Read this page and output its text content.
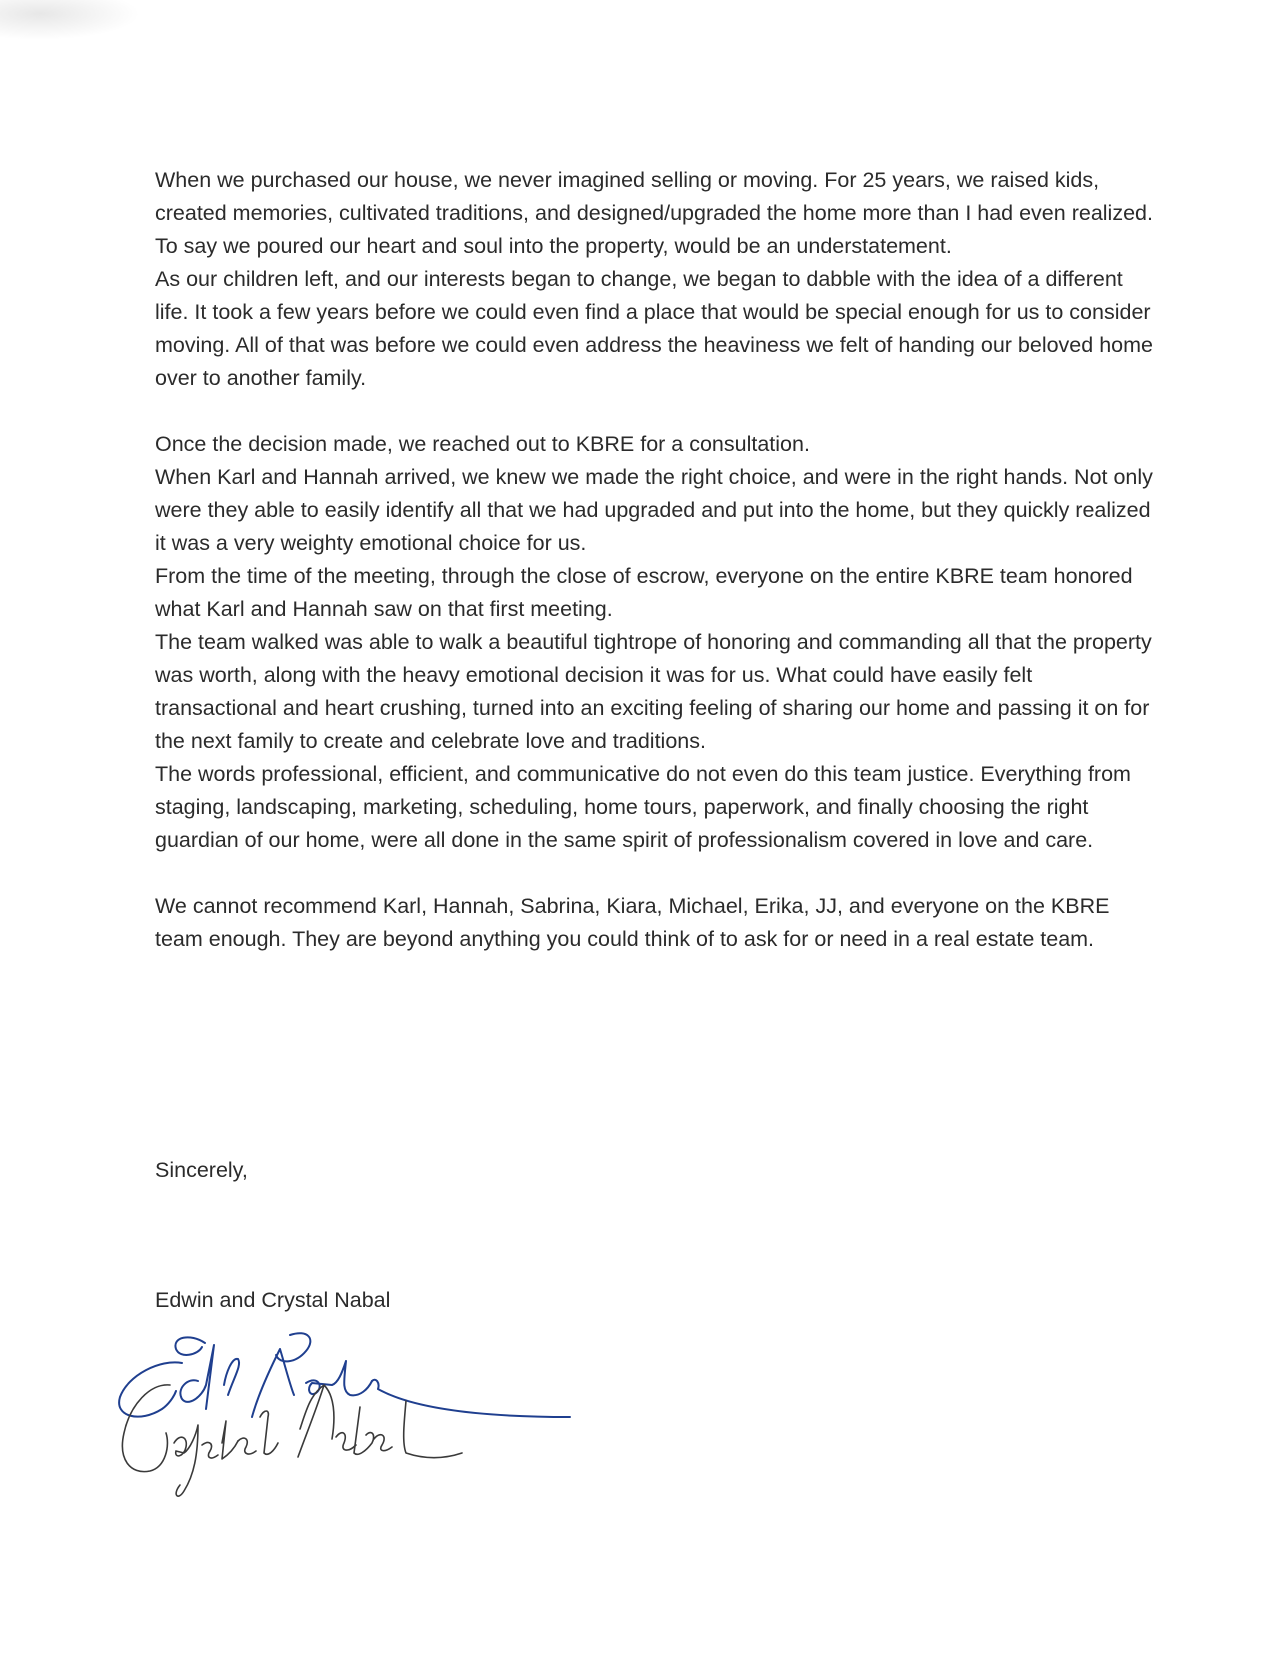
When we purchased our house, we never imagined selling or moving. For 25 years, we raised kids, created memories, cultivated traditions, and designed/upgraded the home more than I had even realized. To say we poured our heart and soul into the property, would be an understatement.

As our children left, and our interests began to change, we began to dabble with the idea of a different life. It took a few years before we could even find a place that would be special enough for us to consider moving. All of that was before we could even address the heaviness we felt of handing our beloved home over to another family.

Once the decision made, we reached out to KBRE for a consultation.

When Karl and Hannah arrived, we knew we made the right choice, and were in the right hands. Not only were they able to easily identify all that we had upgraded and put into the home, but they quickly realized it was a very weighty emotional choice for us.

From the time of the meeting, through the close of escrow, everyone on the entire KBRE team honored what Karl and Hannah saw on that first meeting.

The team walked was able to walk a beautiful tightrope of honoring and commanding all that the property was worth, along with the heavy emotional decision it was for us. What could have easily felt transactional and heart crushing, turned into an exciting feeling of sharing our home and passing it on for the next family to create and celebrate love and traditions.

The words professional, efficient, and communicative do not even do this team justice. Everything from staging, landscaping, marketing, scheduling, home tours, paperwork, and finally choosing the right guardian of our home, were all done in the same spirit of professionalism covered in love and care.

We cannot recommend Karl, Hannah, Sabrina, Kiara, Michael, Erika, JJ, and everyone on the KBRE team enough. They are beyond anything you could think of to ask for or need in a real estate team.

Sincerely,
Edwin and Crystal Nabal
